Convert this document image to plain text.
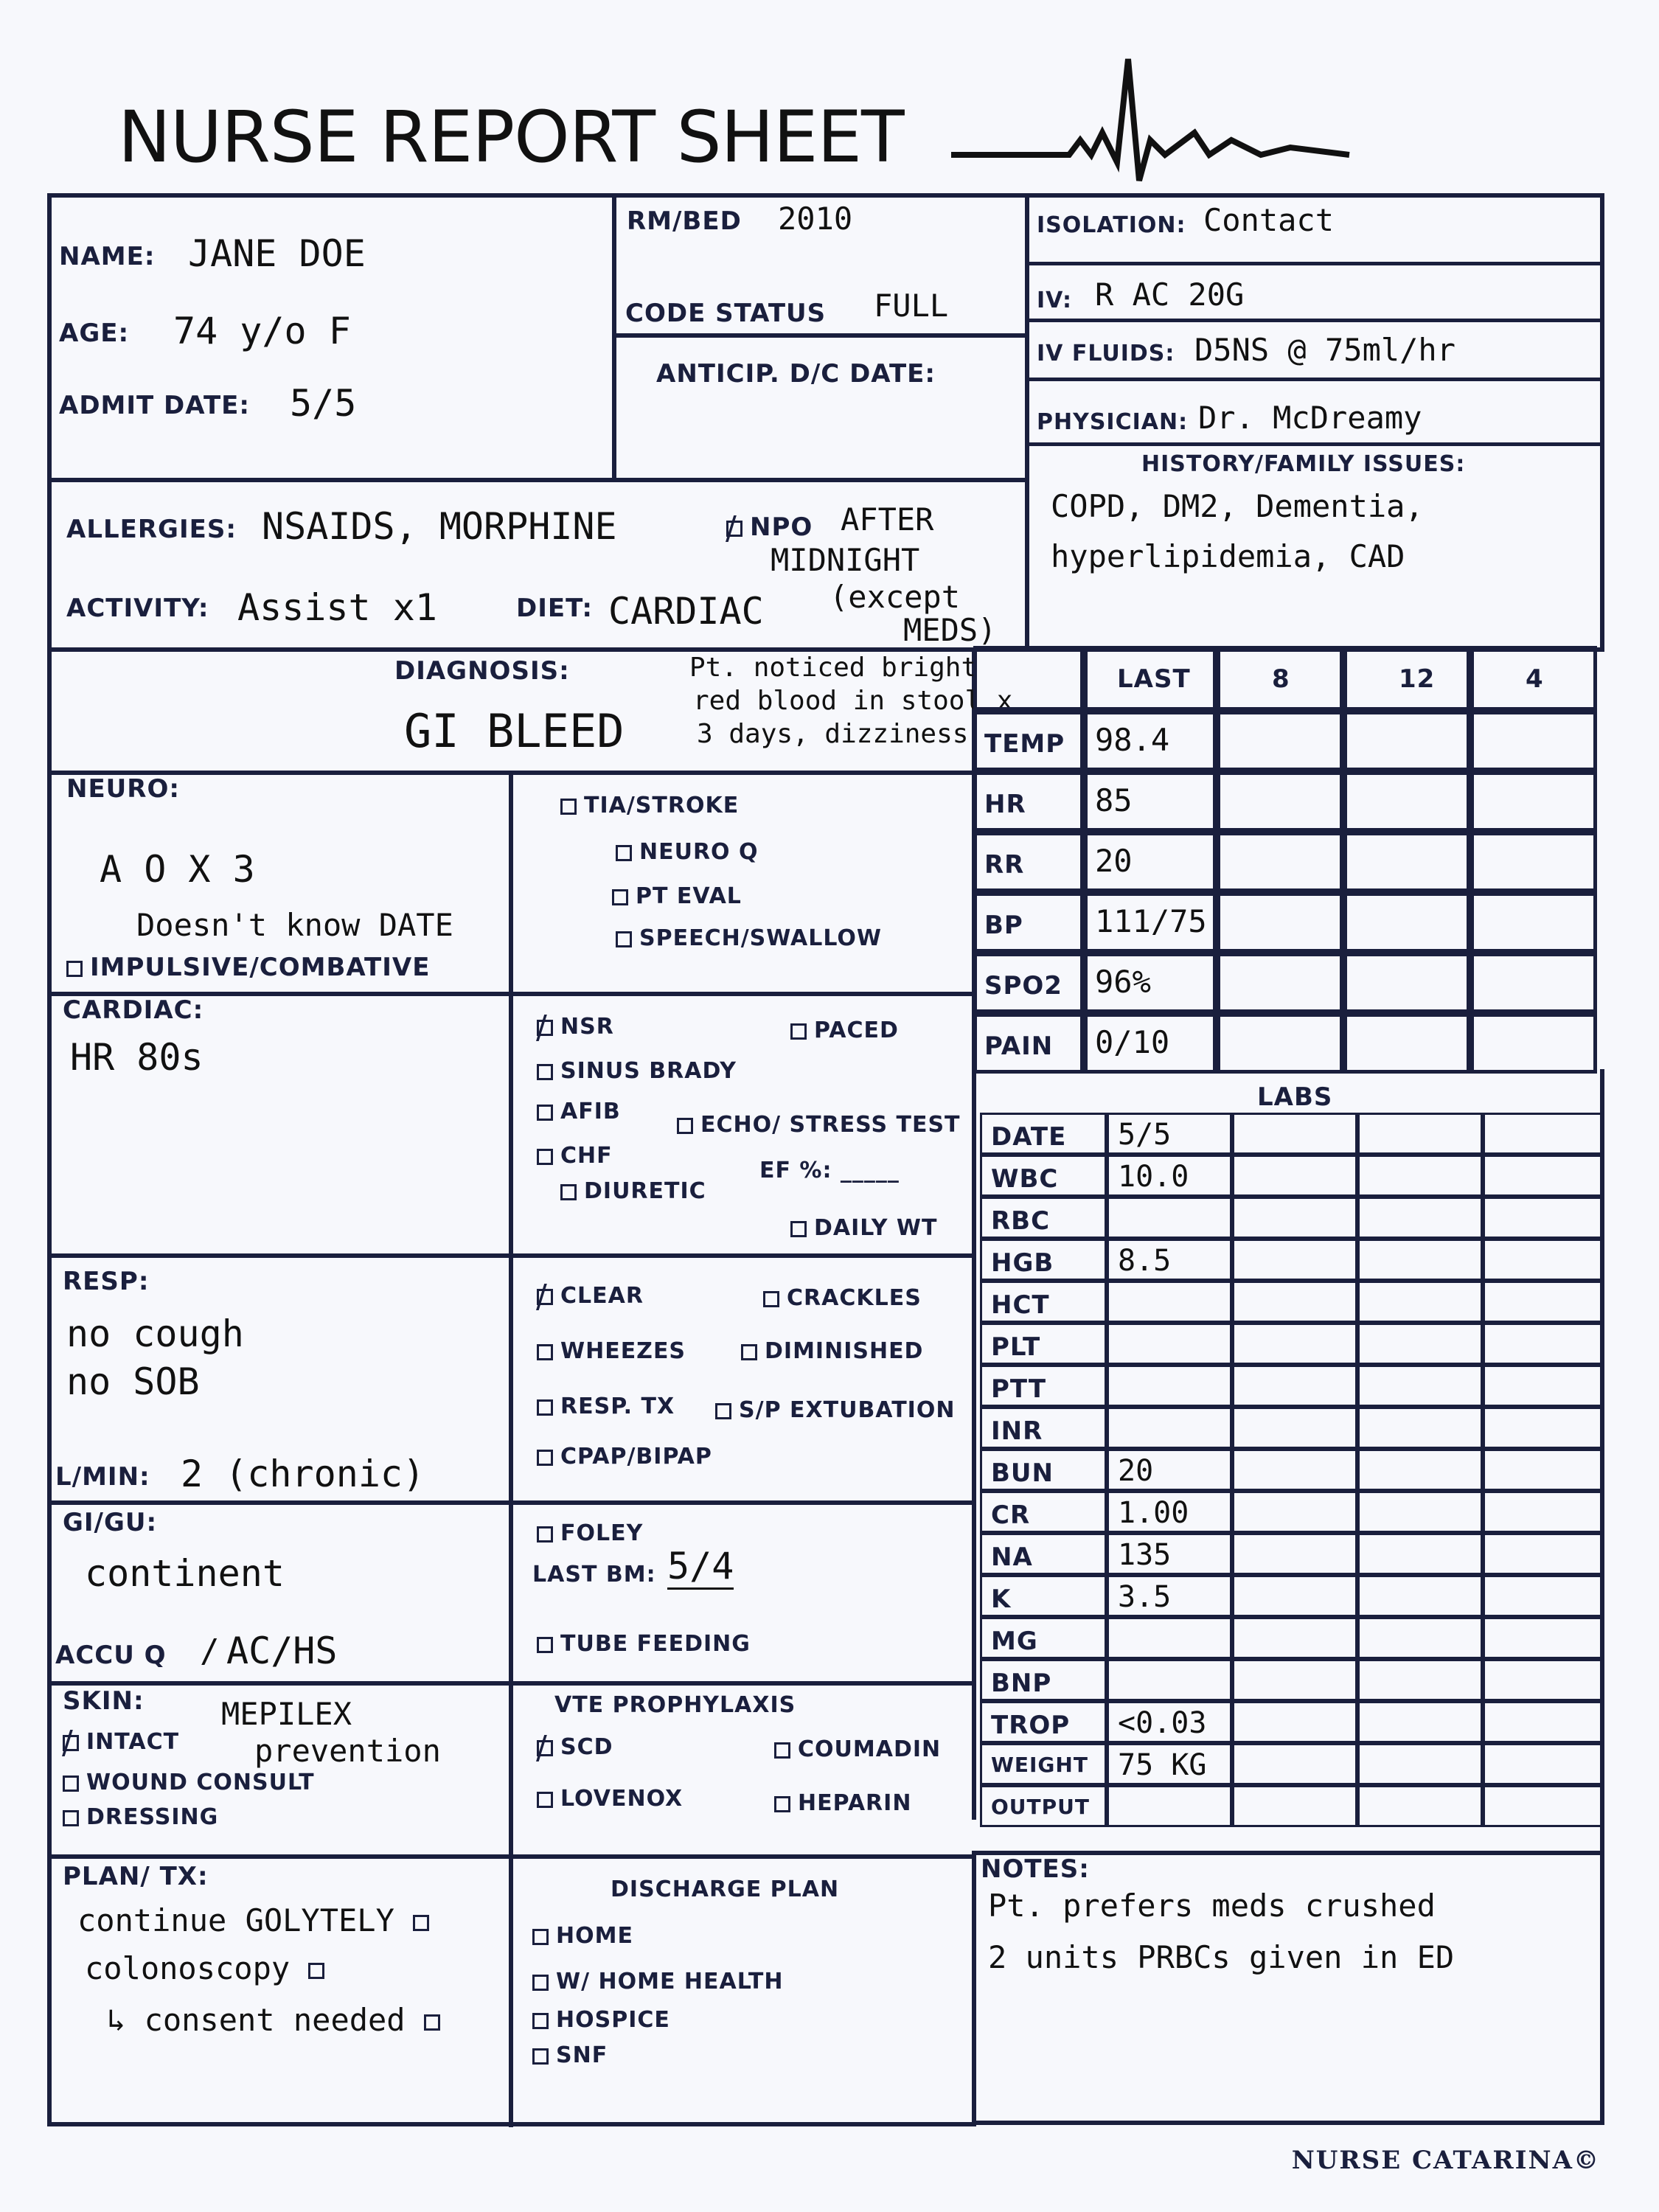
NURSE REPORT SHEET
NAME: JANE DOE
AGE: 74 y/o F
ADMIT DATE: 5/5
RM/BED 2010
CODE STATUS FULL
ANTICIP. D/C DATE:
ISOLATION: Contact
IV: R AC 20G
IV FLUIDS: D5NS @ 75ml/hr
PHYSICIAN: Dr. McDreamy
HISTORY/FAMILY ISSUES:
COPD, DM2, Dementia,
hyperlipidemia, CAD
ALLERGIES: NSAIDS, MORPHINE
ACTIVITY: Assist x1	DIET: CARDIAC
/NPO AFTER
MIDNIGHT
(except
MEDS)
DIAGNOSIS:
GI BLEED
Pt. noticed bright
red blood in stool x
3 days, dizziness
LAST	8	12	4
TEMP 98.4
HR 85
RR 20
BP 111/75
SPO2 96%
PAIN 0/10
NEURO:
A O X 3
Doesn't know DATE
IMPULSIVE/COMBATIVE
TIA/STROKE
NEURO Q
PT EVAL
SPEECH/SWALLOW
CARDIAC:
HR 80s
/NSR	PACED
SINUS BRADY
AFIB
ECHO/ STRESS TEST
CHF
EF %: _____
DIURETIC
DAILY WT
LABS
DATE 5/5
WBC 10.0
RBC
HGB 8.5
HCT
PLT
PTT
INR
BUN 20
CR	1.00
NA	135
K	3.5
MG
BNP
TROP <0.03
WEIGHT 75 KG
OUTPUT
RESP:
no cough
no SOB
L/MIN: 2 (chronic)
/CLEAR	CRACKLES
WHEEZES	DIMINISHED
RESP. TX	S/P EXTUBATION
CPAP/BIPAP
GI/GU:
continent
ACCU Q
/	AC/HS
FOLEY
LAST BM: 5/4
TUBE FEEDING
SKIN:
/INTACT
MEPILEX
prevention
WOUND CONSULT
DRESSING
VTE PROPHYLAXIS
/SCD	COUMADIN
LOVENOX	HEPARIN
PLAN/ TX:
continue GOLYTELY
colonoscopy
↳ consent needed
DISCHARGE PLAN
HOME
W/ HOME HEALTH
HOSPICE
SNF
NOTES:
Pt. prefers meds crushed
2 units PRBCs given in ED
NURSE CATARINA©
